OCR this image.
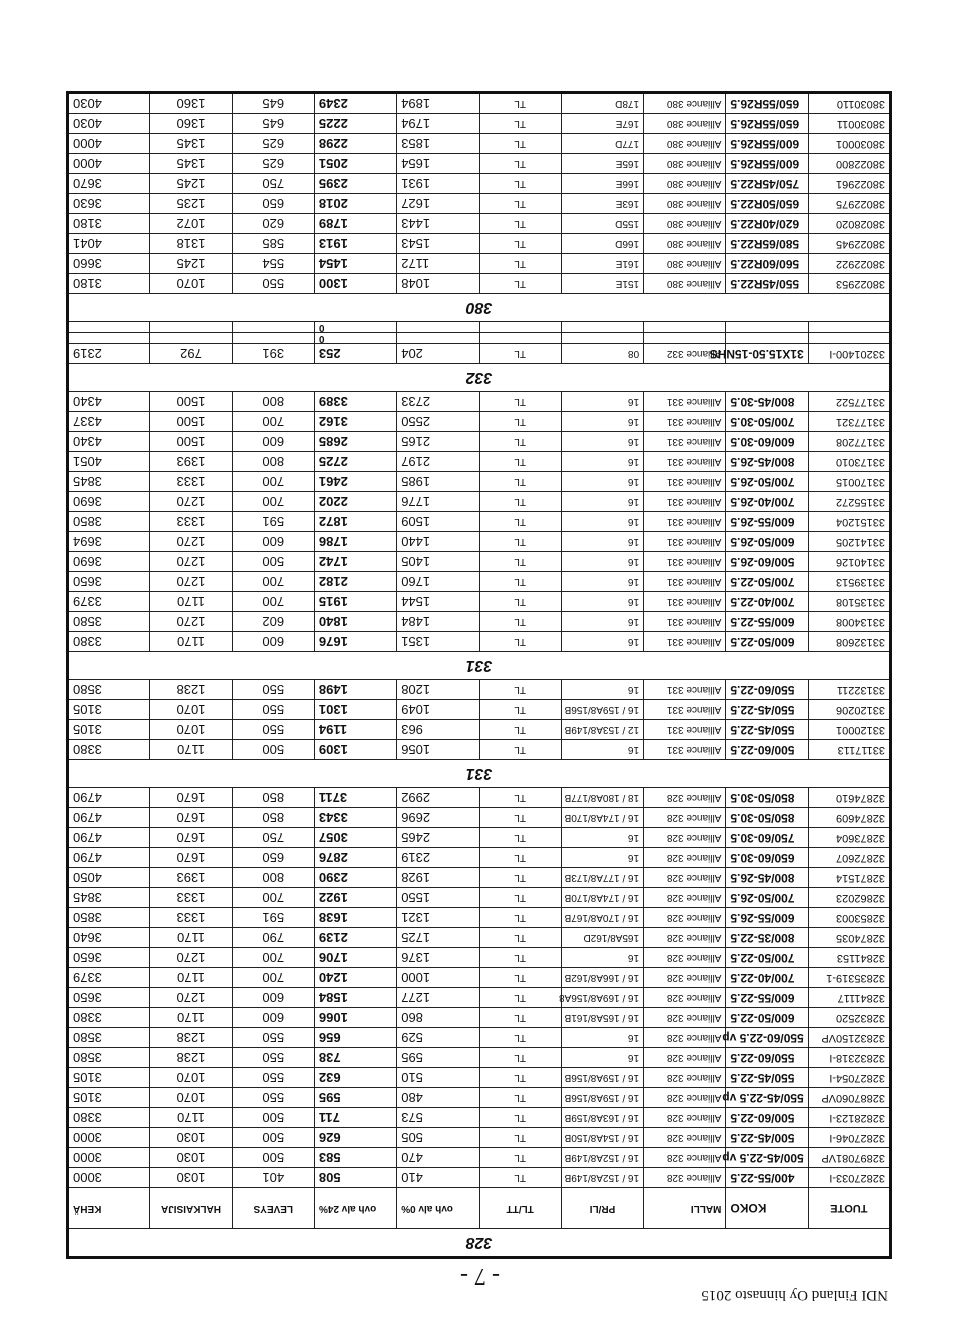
NDI Finland Oy hinnasto 2015
328									
TUOTE	KOKO	MALLI	PR/LI	TL/TT	ovh alv 0%	ovh alv 24%	LEVEYS	HALKAISIJA	KEHÄ
32827033-I	400/55-22.5	Alliance 328	16 / 152A8/149B	TL	410	508	401	1030	3000
32897081VP	500/45-22.5 vp	Alliance 328	16 / 152A8/149B	TL	470	583	500	1030	3000
32827046-I	500/45-22.5	Alliance 328	16 / 154A8/150B	TL	505	626	500	1030	3000
32828123-I	500/60-22.5	Alliance 328	16 / 163A8/159B	TL	573	711	500	1170	3380
32887060VP	550/45-22.5 vp	Alliance 328	16 / 159A8/156B	TL	480	595	550	1070	3105
32827054-I	550/45-22.5	Alliance 328	16 / 159A8/156B	TL	510	632	550	1070	3105
32832318-I	550/60-22.5	Alliance 328	16	TL	595	738	550	1238	3580
32832150VP	550/60-22.5 vp	Alliance 328	16	TL	529	656	550	1238	3580
32832520	600/50-22.5	Alliance 328	16 / 165A8/161B	TL	860	1066	600	1170	3380
32841117	600/55-22.5	Alliance 328	16 / 169A8/156A8	TL	1277	1584	600	1270	3650
32835319-1	700/40-22.5	Alliance 328	16 / 166A8/162B	TL	1000	1240	700	1170	3379
32841153	700/50-22.5	Alliance 328	16	TL	1376	1706	700	1270	3650
32874035	800/35-22.5	Alliance 328	165A8/162D	TL	1725	2139	790	1170	3640
32853003	600/55-26.5	Alliance 328	16 / 170A8/167B	TL	1321	1638	591	1333	3850
32862023	700/50-26.5	Alliance 328	16 / 174A8/170B	TL	1550	1922	700	1333	3845
32871514	800/45-26.5	Alliance 328	16 / 177A8/173B	TL	1928	2390	800	1393	4050
32872607	650/60-30.5	Alliance 328	16	TL	2319	2876	650	1670	4790
32873604	750/60-30.5	Alliance 328	16	TL	2465	3057	750	1670	4790
32874609	850/50-30.5	Alliance 328	16 / 174A8/170B	TL	2696	3343	850	1670	4790
32874610	850/50-30.5	Alliance 328	18 / 180A8/177B	TL	2992	3711	850	1670	4790
331									
33117113	500/60-22.5	Alliance 331	16	TL	1056	1309	500	1170	3380
33120001	550/45-22.5	Alliance 331	12 / 153A8/149B	TL	963	1194	550	1070	3105
33120206	550/45-22.5	Alliance 331	16 / 159A8/156B	TL	1049	1301	550	1070	3105
33132211	550/60-22.5	Alliance 331	16	TL	1208	1498	550	1238	3580
331									
33132608	600/50-22.5	Alliance 331	16	TL	1351	1676	600	1170	3380
33134008	600/55-22.5	Alliance 331	16	TL	1484	1840	602	1270	3580
33135108	700/40-22.5	Alliance 331	16	TL	1544	1915	700	1170	3379
33139513	700/50-22.5	Alliance 331	16	TL	1760	2182	700	1270	3650
33140126	500/60-26.5	Alliance 331	16	TL	1405	1742	500	1270	3690
33141205	600/50-26.5	Alliance 331	16	TL	1440	1786	600	1270	3694
33151204	600/55-26.5	Alliance 331	16	TL	1509	1872	591	1333	3850
33155272	700/40-26.5	Alliance 331	16	TL	1776	2202	700	1270	3690
33170015	700/50-26.5	Alliance 331	16	TL	1985	2461	700	1333	3845
33173010	800/45-26.5	Alliance 331	16	TL	2197	2725	800	1393	4051
33177208	600/60-30.5	Alliance 331	16	TL	2165	2685	600	1500	4340
33177321	700/50-30.5	Alliance 331	16	TL	2550	3162	700	1500	4337
33177522	800/45-30.5	Alliance 331	16	TL	2733	3389	800	1500	4340
332									
33201400-I	31X15.50-15NHS	Alliance 332	08	TL	204	253	391	792	2319
						0			
						0			
380									
38022953	550/45R22.5	Alliance 380	151E	TL	1048	1300	550	1070	3180
38022922	560/60R22.5	Alliance 380	161E	TL	1172	1454	554	1245	3660
38022945	580/65R22.5	Alliance 380	166D	TL	1543	1913	585	1318	4041
38028020	620/40R22.5	Alliance 380	155D	TL	1443	1789	620	1072	3180
38022975	650/50R22.5	Alliance 380	163E	TL	1627	2018	650	1235	3630
38022961	750/45R22.5	Alliance 380	166E	TL	1931	2395	750	1245	3670
38022800	600/55R26.5	Alliance 380	165E	TL	1654	2051	625	1345	4000
38030001	600/55R26.5	Alliance 380	177D	TL	1853	2298	625	1345	4000
38030011	650/55R26.5	Alliance 380	167E	TL	1794	2225	645	1360	4030
38030110	650/55R26.5	Alliance 380	178D	TL	1894	2349	645	1360	4030
- 7 -
